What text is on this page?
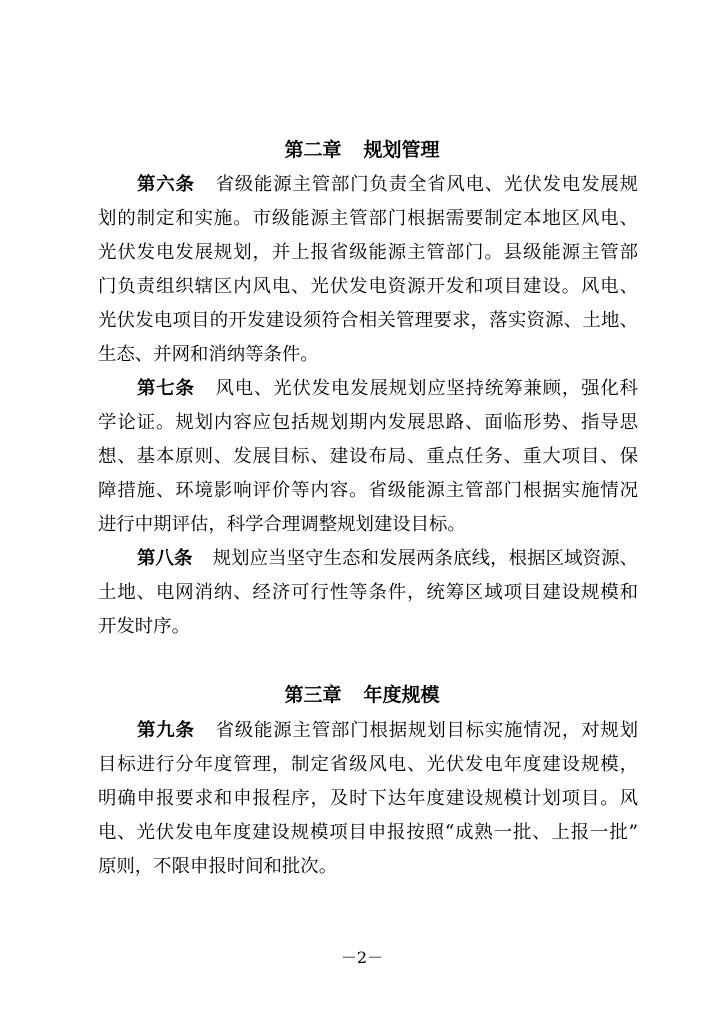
第二章 规划管理
第六条 省级能源主管部门负责全省风电、光伏发电发展规
划的制定和实施。市级能源主管部门根据需要制定本地区风电、
光伏发电发展规划，并上报省级能源主管部门。县级能源主管部
门负责组织辖区内风电、光伏发电资源开发和项目建设。风电、
光伏发电项目的开发建设须符合相关管理要求，落实资源、土地、
生态、并网和消纳等条件。
第七条 风电、光伏发电发展规划应坚持统筹兼顾，强化科
学论证。规划内容应包括规划期内发展思路、面临形势、指导思
想、基本原则、发展目标、建设布局、重点任务、重大项目、保
障措施、环境影响评价等内容。省级能源主管部门根据实施情况
进行中期评估，科学合理调整规划建设目标。
第八条 规划应当坚守生态和发展两条底线，根据区域资源、
土地、电网消纳、经济可行性等条件，统筹区域项目建设规模和
开发时序。
第三章 年度规模
第九条 省级能源主管部门根据规划目标实施情况，对规划
目标进行分年度管理，制定省级风电、光伏发电年度建设规模，
明确申报要求和申报程序，及时下达年度建设规模计划项目。风
电、光伏发电年度建设规模项目申报按照“成熟一批、上报一批”
原则，不限申报时间和批次。
－2－
